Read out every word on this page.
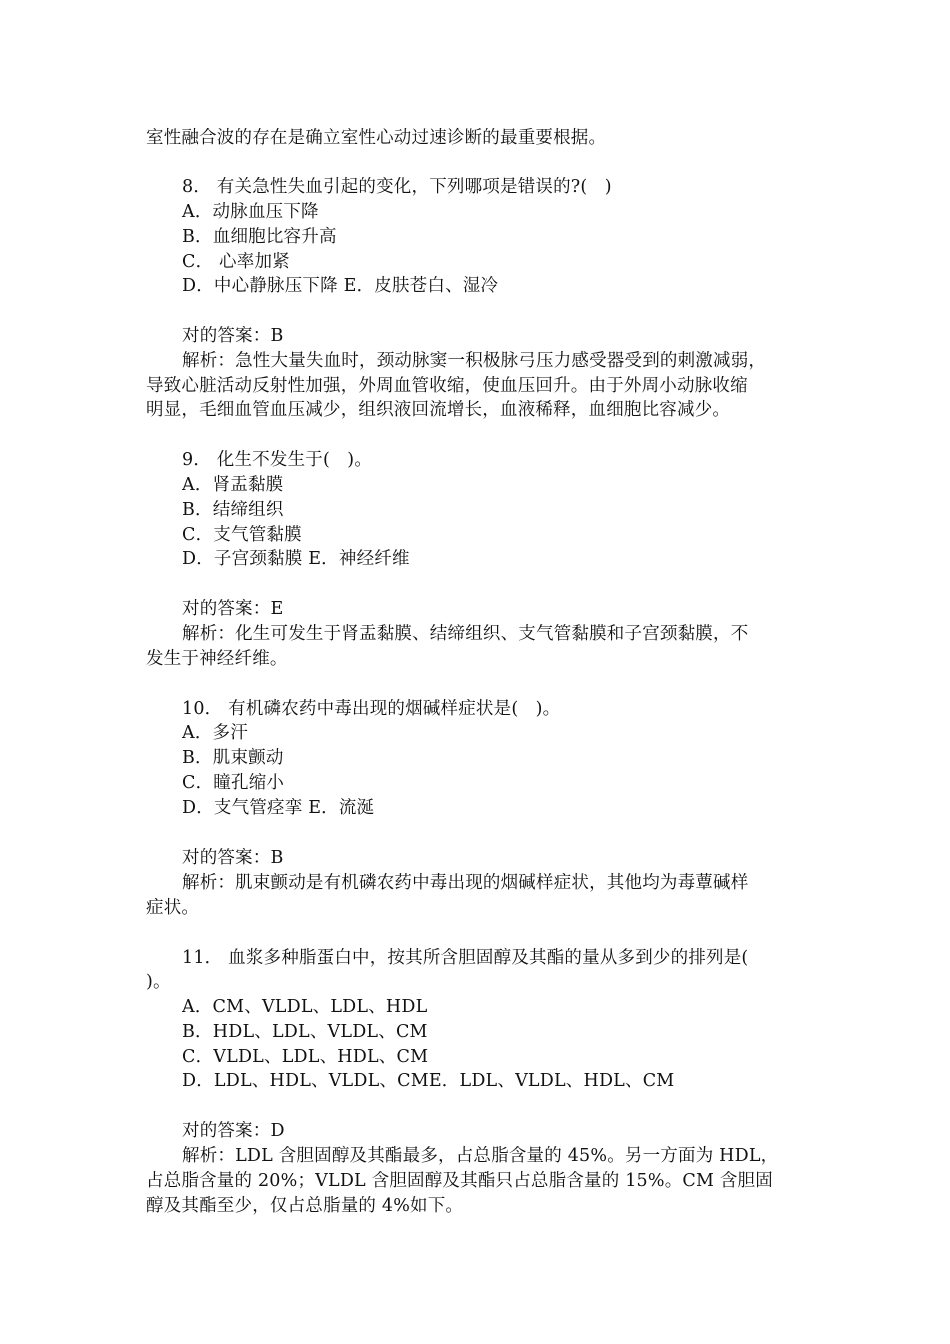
室性融合波的存在是确立室性心动过速诊断的最重要根据。
8． 有关急性失血引起的变化，下列哪项是错误的?(   )
A．动脉血压下降
B．血细胞比容升高
C． 心率加紧
D．中心静脉压下降 E．皮肤苍白、湿冷
对的答案：B
解析：急性大量失血时，颈动脉窦一积极脉弓压力感受器受到的刺激减弱，
导致心脏活动反射性加强，外周血管收缩，使血压回升。由于外周小动脉收缩
明显，毛细血管血压减少，组织液回流增长，血液稀释，血细胞比容减少。
9． 化生不发生于(   )。
A．肾盂黏膜
B．结缔组织
C．支气管黏膜
D．子宫颈黏膜 E．神经纤维
对的答案：E
解析：化生可发生于肾盂黏膜、结缔组织、支气管黏膜和子宫颈黏膜，不
发生于神经纤维。
10． 有机磷农药中毒出现的烟碱样症状是(   )。
A．多汗
B．肌束颤动
C．瞳孔缩小
D．支气管痉挛 E．流涎
对的答案：B
解析：肌束颤动是有机磷农药中毒出现的烟碱样症状，其他均为毒蕈碱样
症状。
11． 血浆多种脂蛋白中，按其所含胆固醇及其酯的量从多到少的排列是(
)。
A．CM、VLDL、LDL、HDL
B．HDL、LDL、VLDL、CM
C．VLDL、LDL、HDL、CM
D．LDL、HDL、VLDL、CME．LDL、VLDL、HDL、CM
对的答案：D
解析：LDL 含胆固醇及其酯最多，占总脂含量的 45%。另一方面为 HDL，
占总脂含量的 20%；VLDL 含胆固醇及其酯只占总脂含量的 15%。CM 含胆固
醇及其酯至少，仅占总脂量的 4%如下。
